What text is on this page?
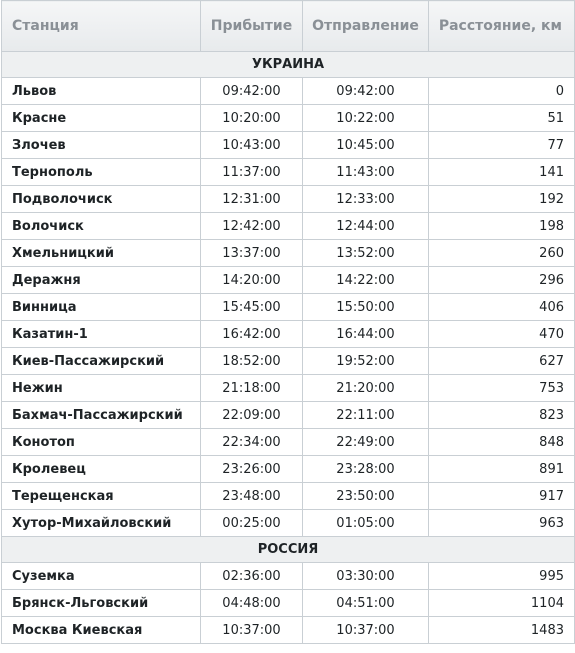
Станция	Прибытие	Отправление	Расстояние, км
УКРАИНА			
Львов	09:42:00	09:42:00	0
Красне	10:20:00	10:22:00	51
Злочев	10:43:00	10:45:00	77
Тернополь	11:37:00	11:43:00	141
Подволочиск	12:31:00	12:33:00	192
Волочиск	12:42:00	12:44:00	198
Хмельницкий	13:37:00	13:52:00	260
Деражня	14:20:00	14:22:00	296
Винница	15:45:00	15:50:00	406
Казатин-1	16:42:00	16:44:00	470
Киев-Пассажирский	18:52:00	19:52:00	627
Нежин	21:18:00	21:20:00	753
Бахмач-Пассажирский	22:09:00	22:11:00	823
Конотоп	22:34:00	22:49:00	848
Кролевец	23:26:00	23:28:00	891
Терещенская	23:48:00	23:50:00	917
Хутор-Михайловский	00:25:00	01:05:00	963
РОССИЯ			
Суземка	02:36:00	03:30:00	995
Брянск-Льговский	04:48:00	04:51:00	1104
Москва Киевская	10:37:00	10:37:00	1483
